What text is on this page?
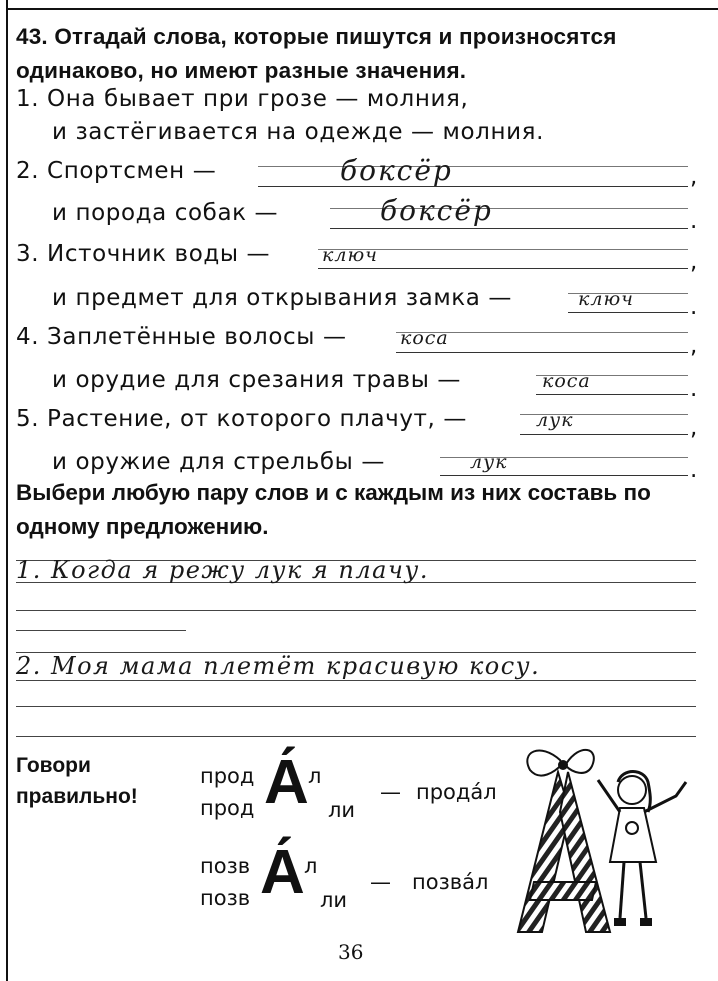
43. Отгадай слова, которые пишутся и произносятся одинаково, но имеют разные значения.
1. Она бывает при грозе — молния,
и застёгивается на одежде — молния.
2. Спортсмен —	боксёр	,
и порода собак —	боксёр	.
3. Источник воды —	ключ	,
и предмет для открывания замка —	ключ .
4. Заплетённые волосы —	коса	,
и орудие для срезания травы —	коса	.
5. Растение, от которого плачут, —	лук	,
и оружие для стрельбы —	лук	.
Выбери любую пару слов и с каждым из них составь по одному предложению.
1. Когда я режу лук я плачу.
2. Моя мама плетёт красивую косу.
Говори правильно!
прод
прод А́ л
ли
— прода́л
позв
позв А́ л
ли
— позва́л
36
